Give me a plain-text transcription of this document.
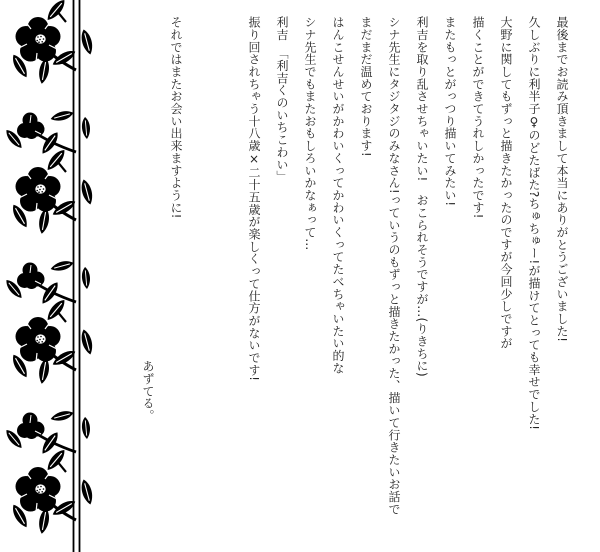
最後までお読み頂きまして本当にありがとうございました!

久しぶりに利半子♀のどたばた?ちゅちゅー!が描けてとっても幸せでした!

大野に関してもずっと描きたかったのですが今回少しですが

描くことができてうれしかったです!

またもっとがっつり描いてみたい!

利吉を取り乱させちゃいたい!　おこられそうですが…(りきちに)

シナ先生にタジタジのみなさん!っていうのもずっと描きたかった、描いて行きたいお話で

まだまだ温めております!

はんこせんせいがかわいくってかわいくってたべちゃいたい的な

シナ先生でもまたおもしろいかなぁって…

利吉　「利吉くのいちこわい」

振り回されちゃう十八歳×二十五歳が楽しくって仕方がないです!

それではまたお会い出来ますように!

あずてる。
